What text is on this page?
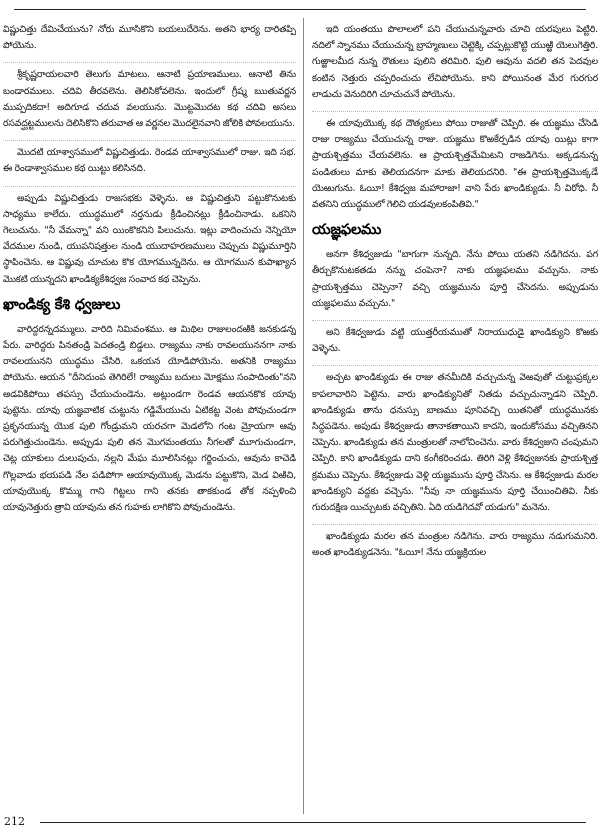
విష్ణుచిత్తు దేమిచేయును? నోరు మూసికొని బయలుదేరెను. అతని భార్య దారితప్పి పోయెను.

శ్రీకృష్ణరాయలవారి తెలుగు మాటలు. ఆనాటి ప్రయాణములు. ఆనాటి తిను బండారములు. చదివి తీరవలెను. తెలిసికోవలెను. ఇందులో గ్రీష్మ ఋతువర్ణన ముప్పదికదా! అదిగూడ చదువ వలయును. మొట్టమొదట కథ చదివి అసలు రసవద్ఘట్టములను దెలిసికొని తరువాత ఆ వర్ణనల మొదలైనవాని జోలికి పోవలయును.

మొదటి యాశ్వాసములో విష్ణుచిత్తుడు. రెండవ యాశ్వాసములో రాజు. ఇది సభ. ఈ రెండాశ్వాసముల కథ యిట్టు కలిసినది.

అప్పుడు విష్ణుచిత్తుడు రాజసభకు వెళ్ళెను. ఆ విష్ణుచిత్తుని పట్టుకొనుటకు సాధ్యము కాలేదు. యుద్ధములో నర్తనుడు క్రీడించినట్లు క్రీడించినాడు. ఒకనిని గెలుచును. "నీ వేమన్నా" వని యింకొకనిని పిలుచును. ఇట్లు వాదించుచు నెన్నియో వేదముల నుండి, యుపనిషత్తుల నుండి యుదాహరణములు చెప్పుచు విష్ణుమూర్తిని స్థాపించెను. ఆ విష్ణువు చూచుట కొక యోగమున్నదెను. ఆ యోగమున కుపాఖ్యాన మొకటి యున్నదని ఖాండిక్యకేశిధ్వజ సంవాద కథ చెప్పెను.

ఖాండిక్య కేశి ధ్వజులు

వారిద్దరన్నదమ్ములు. వారిది నిమివంశము. ఆ మిథిల రాజులందఱికి జనకుడన్న పేరు. వారిద్దరు పినతండ్రి పెదతండ్రి బిడ్డలు. రాజ్యము నాకు రావలయుననగా నాకు రావలయునని యుద్ధము చేసిరి. ఒకయన యోడిపోయెను. అతనికి రాజ్యము పోయెను. ఆయన "దీనిదుంప తెగిరిలే! రాజ్యము బదులు మోక్షము సంపాదింతు"నని అడవికిపోయి తపస్సు చేయుచుండెను. అట్లుండగా రెండవ ఆయనకొక యావు పుట్టెను. యావు యజ్ఞవాటిక చుట్టును గడ్డిమేయుచు ఏటికట్ట వెంట పోవుచుండగా ప్రకృనయున్న యొక పులి గోండ్రుమని యరచగా మెడలోని గంట మ్రోయగా ఆవు పరుగెత్తుచుండెను. అప్పుడు పులి తన మొగమంతయు నీగలతో మూగుచుండగా, చెట్ల యాకులు దులుపుచు, నల్లని మేఘ మూలిసినట్లు గర్జించుచు, ఆవును కాచెడి గొల్లవాడు భయపడి నేల పడిపోగా ఆయావుయొక్క మెడను పట్టుకొని, మెడ విఱిచి, యావుయొక్క కొమ్ము గాని గిట్టలు గాని తనకు తాకకుండ తోక నప్పళించి యావునెత్తురు త్రావి యావును తన గుహకు లాగికొని పోవుచుండెను.

ఇది యంతయు పొలాలలో పని చేయుచున్నవారు చూచి యరపులు పెట్టిరి. నదిలో స్నానము చేయుచున్న బ్రాహ్మణులు చెట్టెక్కి చప్పట్లుకొట్టి యుఱ్ఱి యెలుగెత్తిరి. గుఱ్ఱాలమీద నున్న రౌతులు పులిని తరిమిరి. పులి ఆవును వదలి తన పెదవుల కంటిన నెత్తురు చప్పరించుచు లేచిపోయెను. కాని పోయినంత మేర గురగుర లాడుచు వెనుదిరిగి చూచుచునే పోయెను.

ఈ యావుయొక్క కథ దౌత్యకులు పోయి రాజుతో చెప్పిరి. ఈ యజ్ఞము చేసెడి రాజు రాజ్యము చేయుచున్న రాజు. యజ్ఞము కొఱకేర్పడిన యావు యిట్లు కాగా ప్రాయశ్చిత్తము చేయవలెను. ఆ ప్రాయశ్చిత్తమేమిటని రాజడిగెను. అక్కడనున్న పండితులు మాకు తెలియదనగా మాకు తెలియదనిరి. "ఈ ప్రాయశ్చిత్తమొక్కడే యెఱుగును. ఓయీ! కేశిధ్వజ మహారాజా! వాని పేరు ఖాండిక్యుడు. నీ విరోధి. నీ వతనిని యుద్ధములో గెలిచి యడవులకంపితివి."

యజ్ఞఫలము

అనగా కేశిధ్వజుడు "బాగుగా నున్నది. నేను పోయి యతని నడిగెదను. పగ తీర్చుకొనుటకతడు నన్ను చంపెనా? నాకు యజ్ఞఫలము వచ్చును. నాకు ప్రాయశ్చిత్తము చెప్పెనా? వచ్చి యజ్ఞమును పూర్తి చేసెదను. అప్పుడును యజ్ఞఫలము వచ్చును."

అని కేశిధ్వజుడు వట్టి యుత్తరీయముతో నిరాయుధుడై ఖాండిక్యుని కొఱకు వెళ్ళెను.

అచ్చట ఖాండిక్యుడు ఈ రాజు తనమీదికి వచ్చుచున్న వెఱవుతో చుట్టుప్రక్కల కాపలావారిని పెట్టెను. వారు ఖాండిక్యునితో నితడు వచ్చుచున్నాడని చెప్పిరి. ఖాండిక్యుడు తాను ధనుస్సు బాణము పూనివచ్చి యితనితో యుద్ధమునకు సిద్ధపడెను. అపుడు కేశిధ్వజుడు తానాకతాయిని కాదని, ఇందుకోసము వచ్చితినని చెప్పెను. ఖాండిక్యుడు తన మంత్రులతో నాలోచించెను. వారు కేశిధ్వజుని చంపుమని చెప్పిరి. కాని ఖాండిక్యుడు దాని కంగీకరించడు. తిరిగి వెళ్లి కేశిధ్వజునకు ప్రాయశ్చిత్త క్రమము చెప్పెను. కేశిధ్వజుడు వెళ్లి యజ్ఞమును పూర్తి చేసెను. ఆ కేశిధ్వజుడు మరల ఖాండిక్యుని వద్దకు వచ్చెను. "నీవు నా యజ్ఞమును పూర్తి చేయించితివి. నీకు గురుదక్షిణ యిచ్చుటకు వచ్చితిని. ఏది యడిగెదవో యడుగు" మనెను.

ఖాండిక్యుడు మరల తన మంత్రుల నడిగెను. వారు రాజ్యము నడుగుమనిరి. అంత ఖాండిక్యుడనెను. "ఓయీ! నేను యజ్ఞక్రియల

212
